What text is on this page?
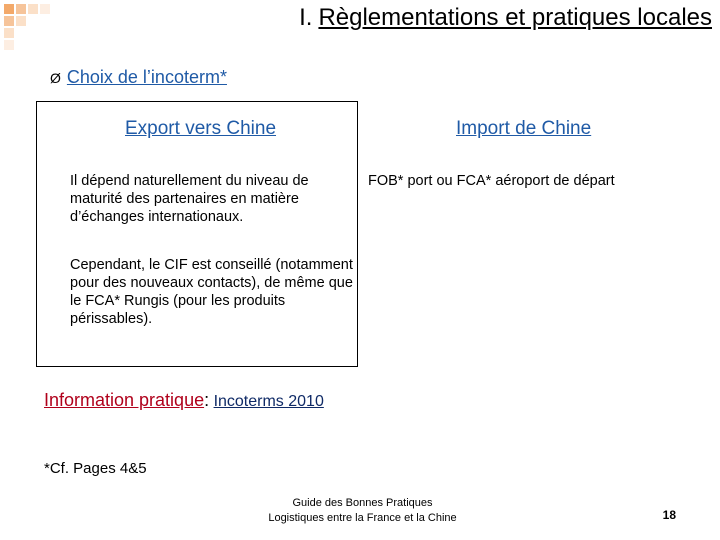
I. Règlementations et pratiques locales
Ø Choix de l’incoterm*
Export vers Chine	Import de Chine
Il dépend naturellement du niveau de maturité des partenaires en matière d’échanges internationaux.
Cependant, le CIF est conseillé (notamment pour des nouveaux contacts), de même que le FCA* Rungis (pour les produits périssables).
FOB* port ou FCA* aéroport de départ
Information pratique: Incoterms 2010
*Cf. Pages 4&5
Guide des Bonnes Pratiques
Logistiques entre la France et la Chine	18
